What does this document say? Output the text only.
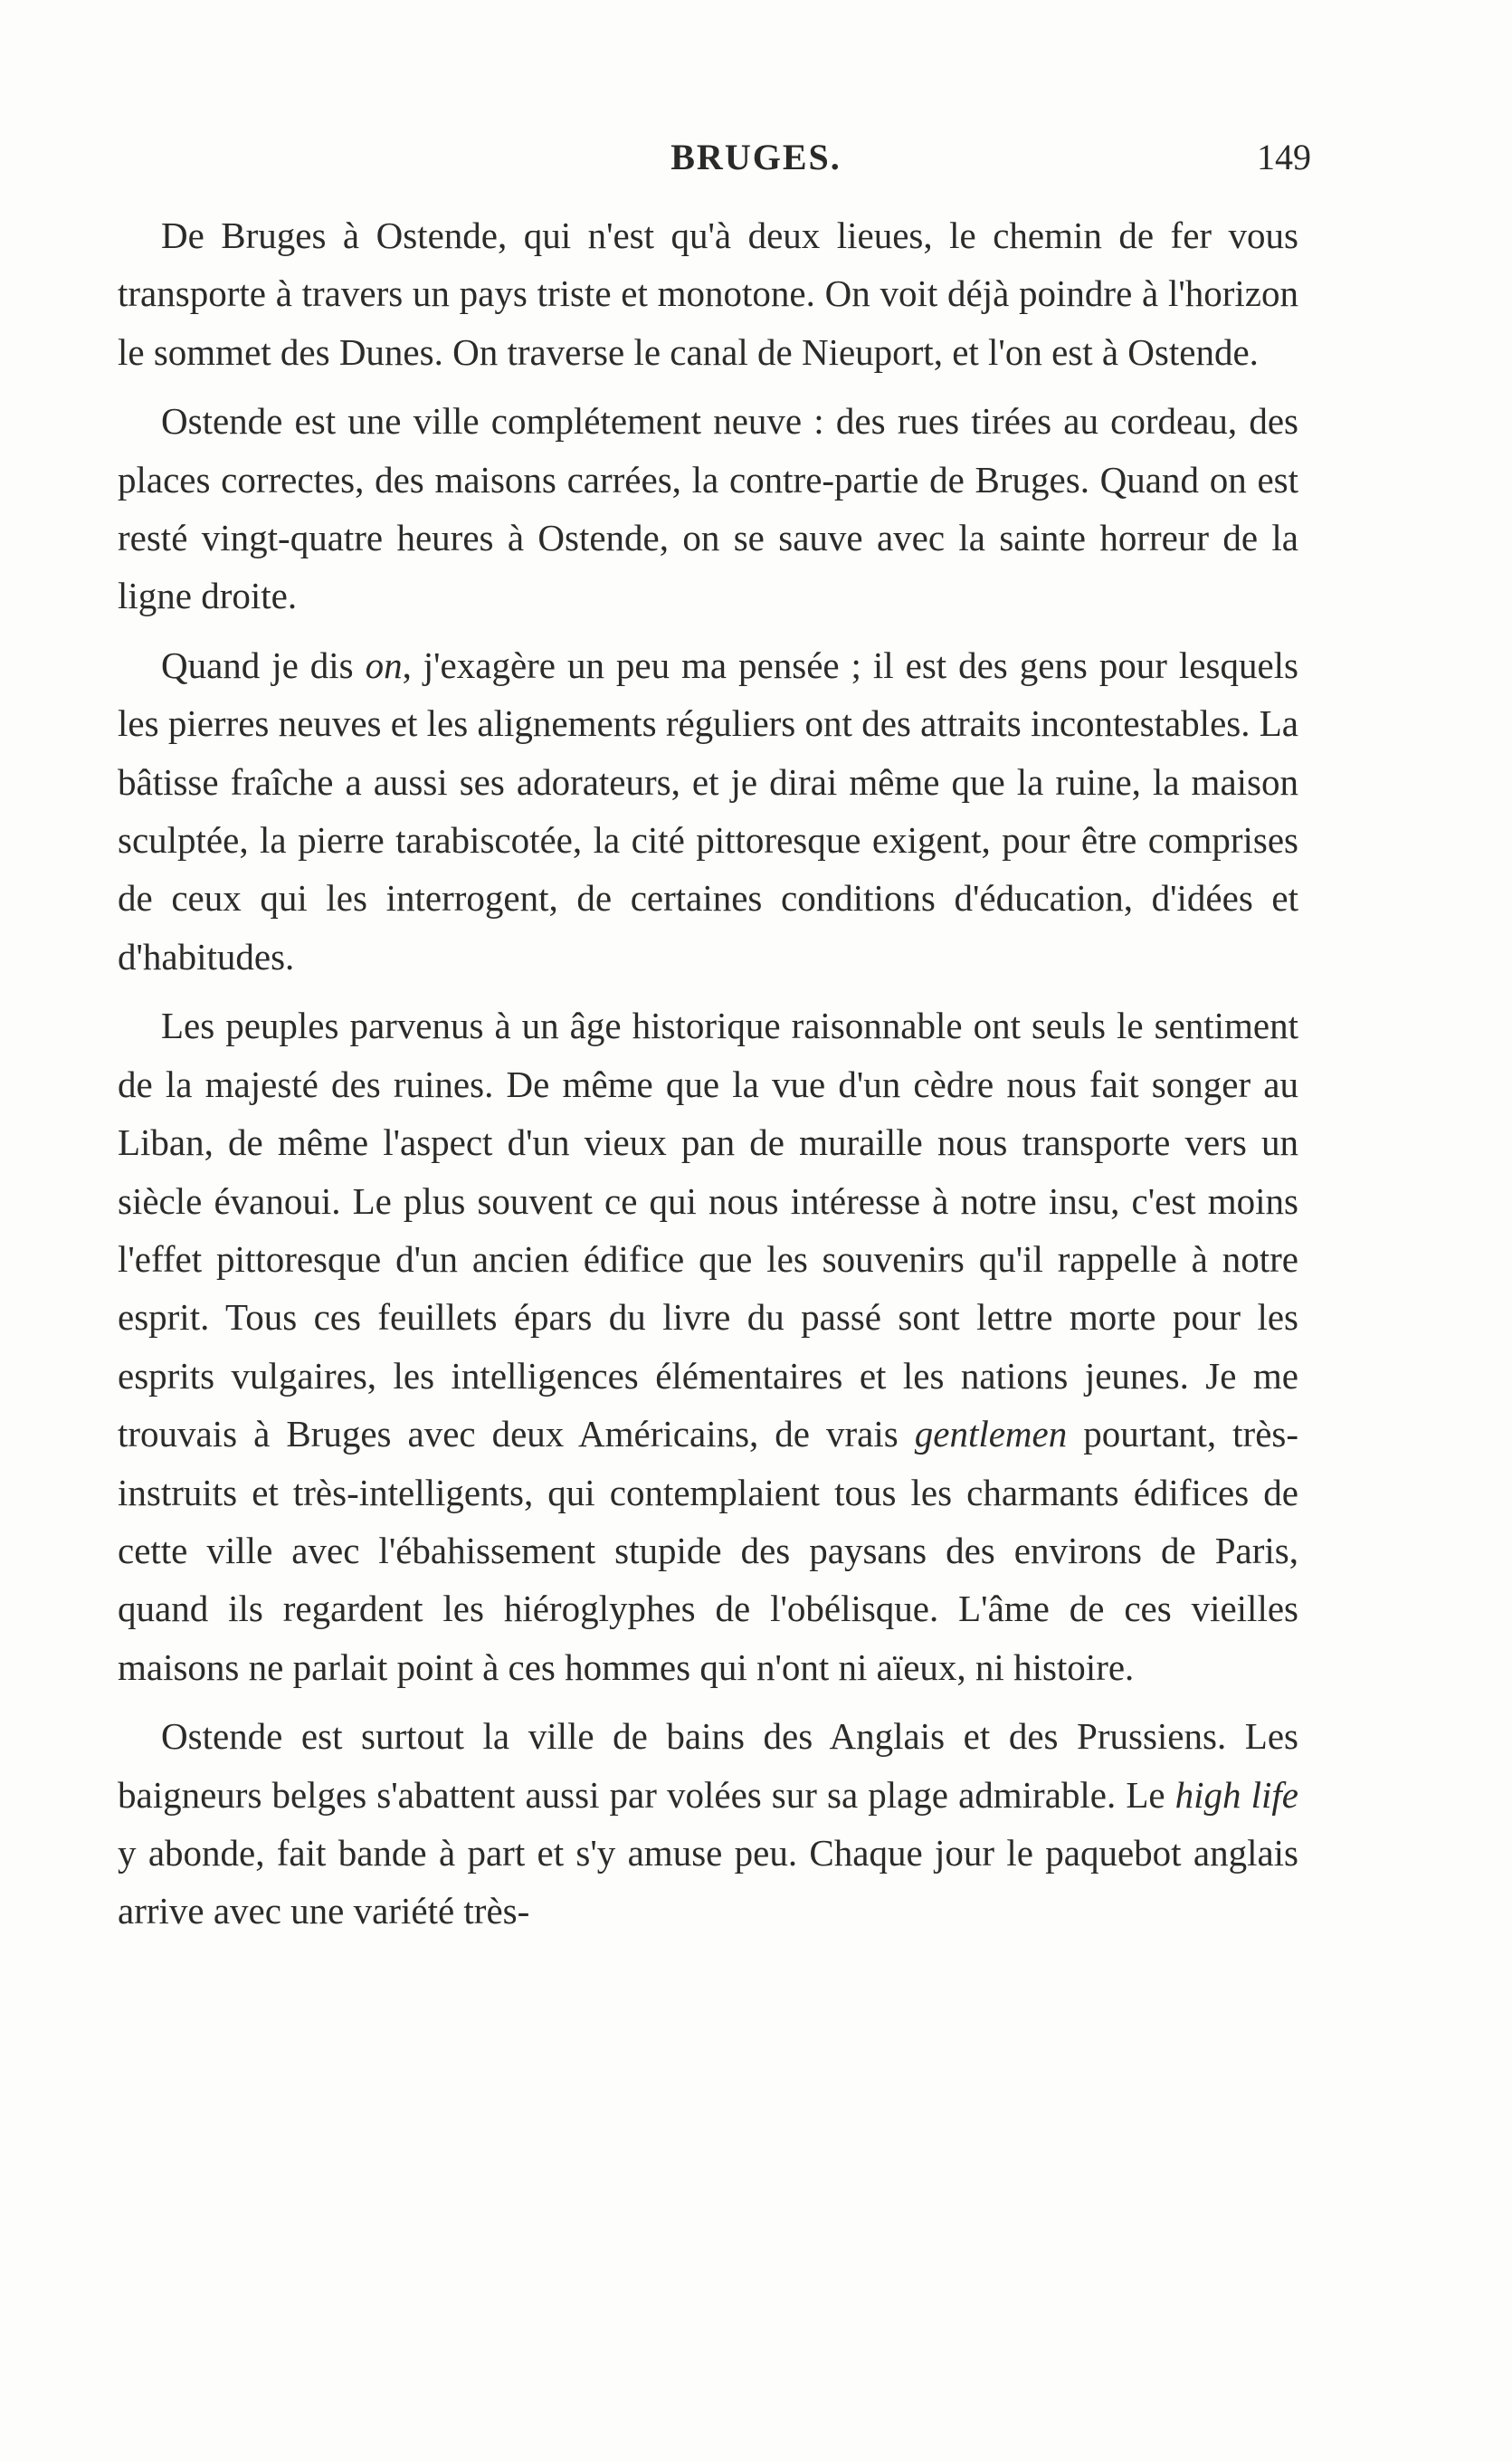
BRUGES.	149

De Bruges à Ostende, qui n'est qu'à deux lieues, le chemin de fer vous transporte à travers un pays triste et monotone. On voit déjà poindre à l'horizon le sommet des Dunes. On traverse le canal de Nieuport, et l'on est à Ostende.

Ostende est une ville complétement neuve : des rues tirées au cordeau, des places correctes, des maisons carrées, la contre-partie de Bruges. Quand on est resté vingt-quatre heures à Ostende, on se sauve avec la sainte horreur de la ligne droite.

Quand je dis on, j'exagère un peu ma pensée ; il est des gens pour lesquels les pierres neuves et les alignements réguliers ont des attraits incontestables. La bâtisse fraîche a aussi ses adorateurs, et je dirai même que la ruine, la maison sculptée, la pierre tarabiscotée, la cité pittoresque exigent, pour être comprises de ceux qui les interrogent, de certaines conditions d'éducation, d'idées et d'habitudes.

Les peuples parvenus à un âge historique raisonnable ont seuls le sentiment de la majesté des ruines. De même que la vue d'un cèdre nous fait songer au Liban, de même l'aspect d'un vieux pan de muraille nous transporte vers un siècle évanoui. Le plus souvent ce qui nous intéresse à notre insu, c'est moins l'effet pittoresque d'un ancien édifice que les souvenirs qu'il rappelle à notre esprit. Tous ces feuillets épars du livre du passé sont lettre morte pour les esprits vulgaires, les intelligences élémentaires et les nations jeunes. Je me trouvais à Bruges avec deux Américains, de vrais gentlemen pourtant, très-instruits et très-intelligents, qui contemplaient tous les charmants édifices de cette ville avec l'ébahissement stupide des paysans des environs de Paris, quand ils regardent les hiéroglyphes de l'obélisque. L'âme de ces vieilles maisons ne parlait point à ces hommes qui n'ont ni aïeux, ni histoire.

Ostende est surtout la ville de bains des Anglais et des Prussiens. Les baigneurs belges s'abattent aussi par volées sur sa plage admirable. Le high life y abonde, fait bande à part et s'y amuse peu. Chaque jour le paquebot anglais arrive avec une variété très-
